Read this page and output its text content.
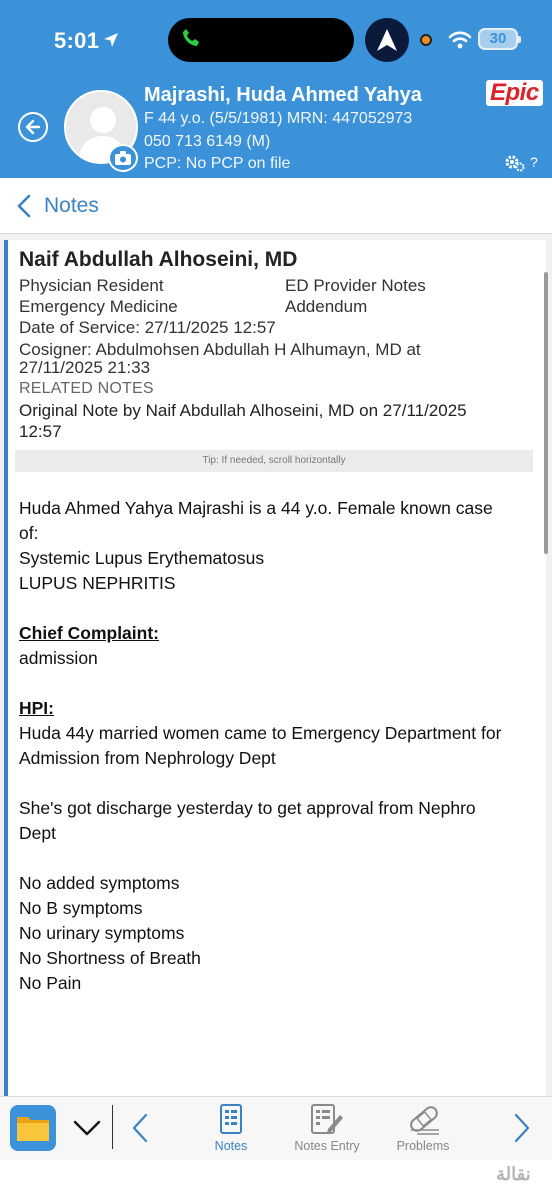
5:01	30
Majrashi, Huda Ahmed Yahya
F 44 y.o. (5/5/1981) MRN: 447052973
050 713 6149 (M)
PCP: No PCP on file
Epic
?
Notes
Naif Abdullah Alhoseini, MD
Physician Resident	ED Provider Notes
Emergency Medicine	Addendum
Date of Service: 27/11/2025 12:57
Cosigner: Abdulmohsen Abdullah H Alhumayn, MD at
27/11/2025 21:33
RELATED NOTES
Original Note by Naif Abdullah Alhoseini, MD on 27/11/2025
12:57
Tip: If needed, scroll horizontally
Huda Ahmed Yahya Majrashi is a 44 y.o. Female known case
of:
Systemic Lupus Erythematosus
LUPUS NEPHRITIS
Chief Complaint:
admission
HPI:
Huda 44y married women came to Emergency Department for
Admission from Nephrology Dept
She's got discharge yesterday to get approval from Nephro
Dept
No added symptoms
No B symptoms
No urinary symptoms
No Shortness of Breath
No Pain
Notes	Notes Entry	Problems
نقالة
